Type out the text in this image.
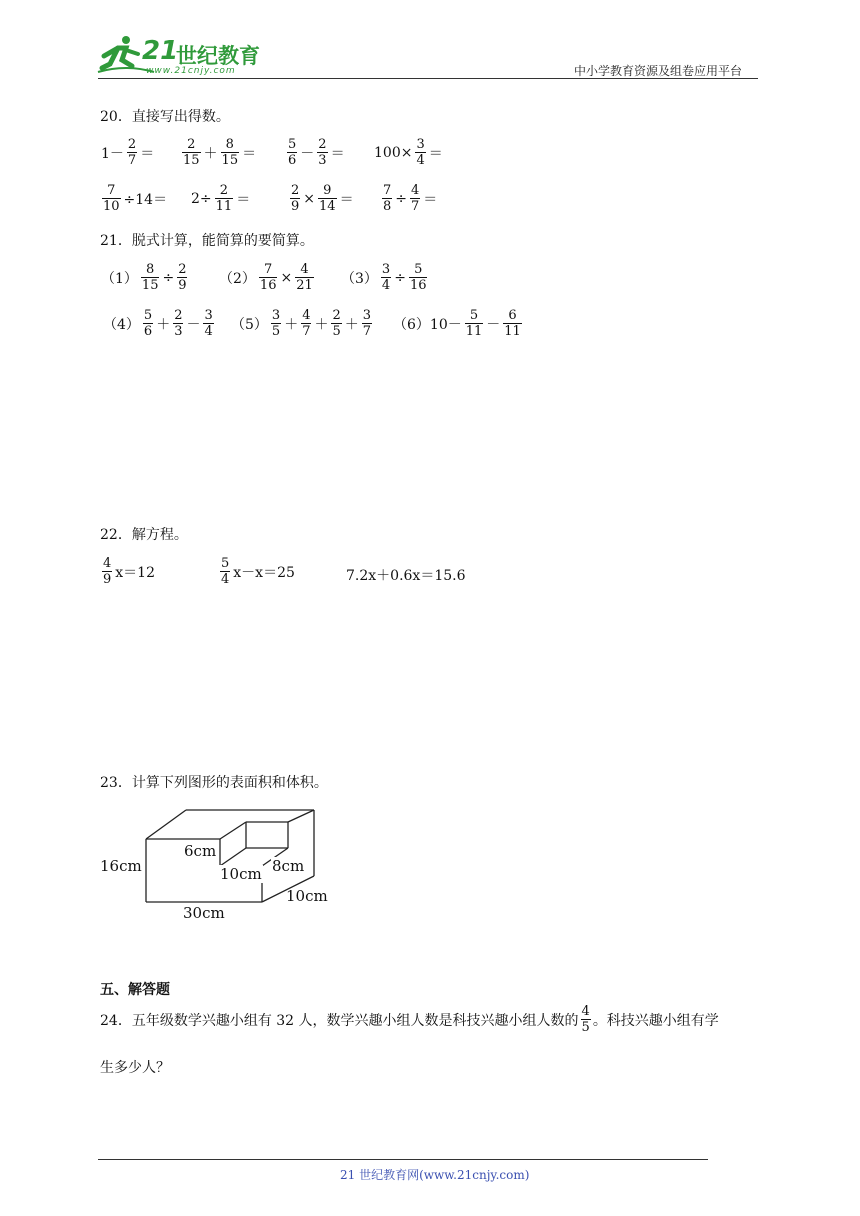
21
世纪教育
www.21cnjy.com	中小学教育资源及组卷应用平台
20．直接写出得数。
$1- \frac{2}{7} = \frac{2}{15} + \frac{8}{15} = \frac{5}{6} - \frac{2}{3} = 100\times \frac{3}{4}$ ＝
$\frac{7}{10} \div 14= 2\div \frac{2}{11}$ ＝	$\frac{2}{9} \times \frac{9}{14} = \frac{7}{8} \div \frac{4}{7}$ ＝
21．脱式计算，能简算的要简算。
$(1) \frac{8}{15} \div \frac{2}{9} (2) \frac{7}{16} \times \frac{4}{21} (3) \frac{3}{4} \div \frac{5}{16}$
$(4) \frac{5}{6} + \frac{2}{3} - \frac{3}{4} (5) \frac{3}{5} + \frac{4}{7} + \frac{2}{5} + \frac{3}{7} (6)10- \frac{5}{11} - \frac{6}{11}$
22．解方程。
$\frac{4}{9} x=12$	$\frac{5}{4} x-x=25$	7.2x＋0.6x＝15.6
23．计算下列图形的表面积和体积。
16cm
30cm
10cm
6cm
10cm 8cm
五、解答题
24．五年级数学兴趣小组有 32 人，数学兴趣小组人数是科技兴趣小组人数的 $\frac{4}{5}$ 。科技兴趣小组有学
生多少人？
21 世纪教育网(www.21cnjy.com)
